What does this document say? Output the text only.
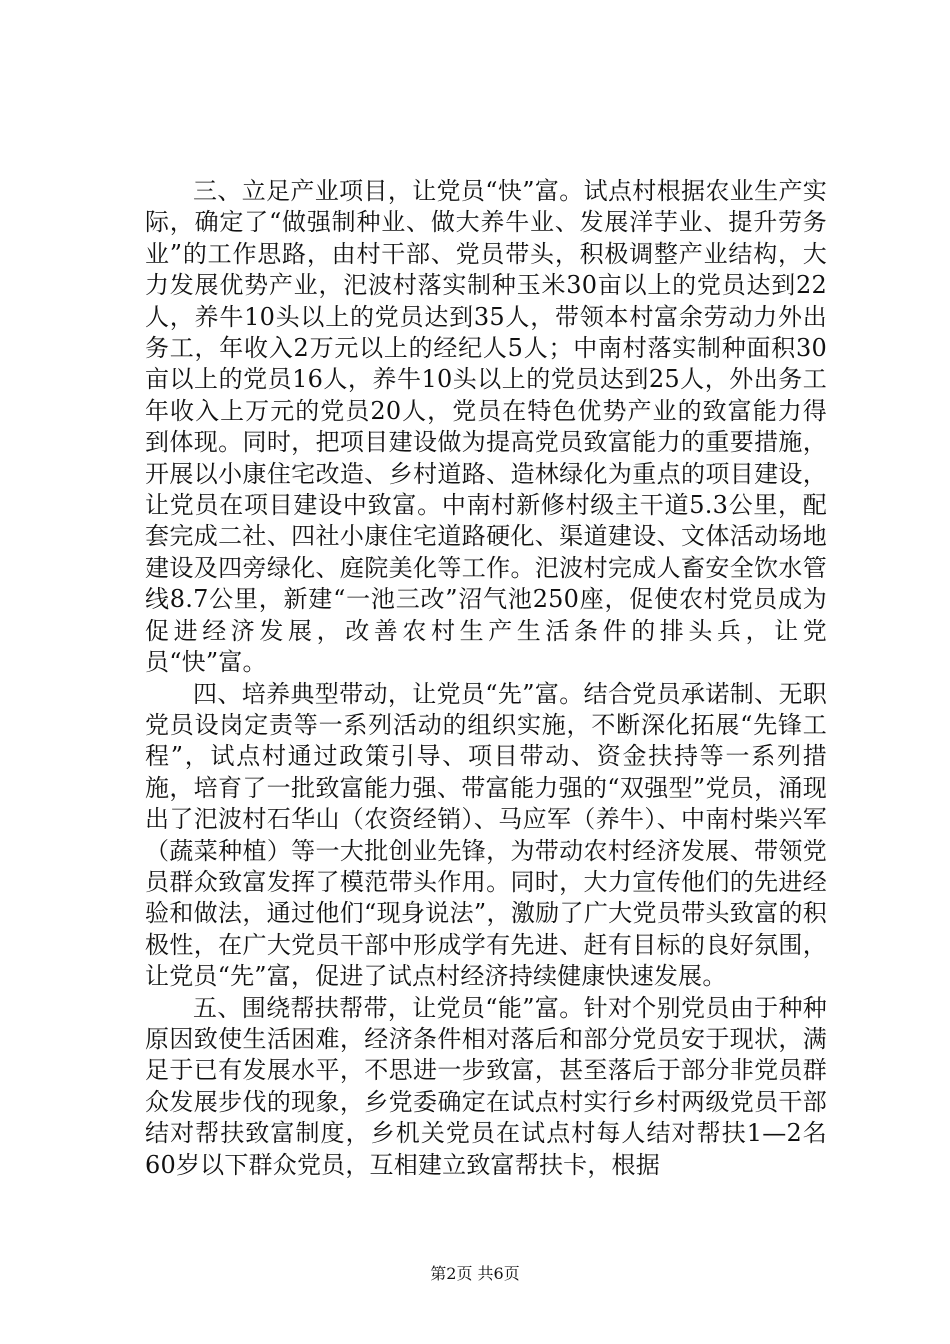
三、立足产业项目，让党员“快”富。试点村根据农业生产实际，确定了“做强制种业、做大养牛业、发展洋芋业、提升劳务业”的工作思路，由村干部、党员带头，积极调整产业结构，大力发展优势产业，汜波村落实制种玉米30亩以上的党员达到22人，养牛10头以上的党员达到35人，带领本村富余劳动力外出务工，年收入2万元以上的经纪人5人；中南村落实制种面积30亩以上的党员16人，养牛10头以上的党员达到25人，外出务工年收入上万元的党员20人，党员在特色优势产业的致富能力得到体现。同时，把项目建设做为提高党员致富能力的重要措施，开展以小康住宅改造、乡村道路、造林绿化为重点的项目建设，让党员在项目建设中致富。中南村新修村级主干道5.3公里，配套完成二社、四社小康住宅道路硬化、渠道建设、文体活动场地建设及四旁绿化、庭院美化等工作。汜波村完成人畜安全饮水管线8.7公里，新建“一池三改”沼气池250座，促使农村党员成为促进经济发展，改善农村生产生活条件的排头兵，让党员“快”富。

四、培养典型带动，让党员“先”富。结合党员承诺制、无职党员设岗定责等一系列活动的组织实施，不断深化拓展“先锋工程”，试点村通过政策引导、项目带动、资金扶持等一系列措施，培育了一批致富能力强、带富能力强的“双强型”党员，涌现出了汜波村石华山（农资经销）、马应军（养牛）、中南村柴兴军（蔬菜种植）等一大批创业先锋，为带动农村经济发展、带领党员群众致富发挥了模范带头作用。同时，大力宣传他们的先进经验和做法，通过他们“现身说法”，激励了广大党员带头致富的积极性，在广大党员干部中形成学有先进、赶有目标的良好氛围，让党员“先”富，促进了试点村经济持续健康快速发展。

五、围绕帮扶帮带，让党员“能”富。针对个别党员由于种种原因致使生活困难，经济条件相对落后和部分党员安于现状，满足于已有发展水平，不思进一步致富，甚至落后于部分非党员群众发展步伐的现象，乡党委确定在试点村实行乡村两级党员干部结对帮扶致富制度，乡机关党员在试点村每人结对帮扶1—2名60岁以下群众党员，互相建立致富帮扶卡，根据

第2页 共6页
